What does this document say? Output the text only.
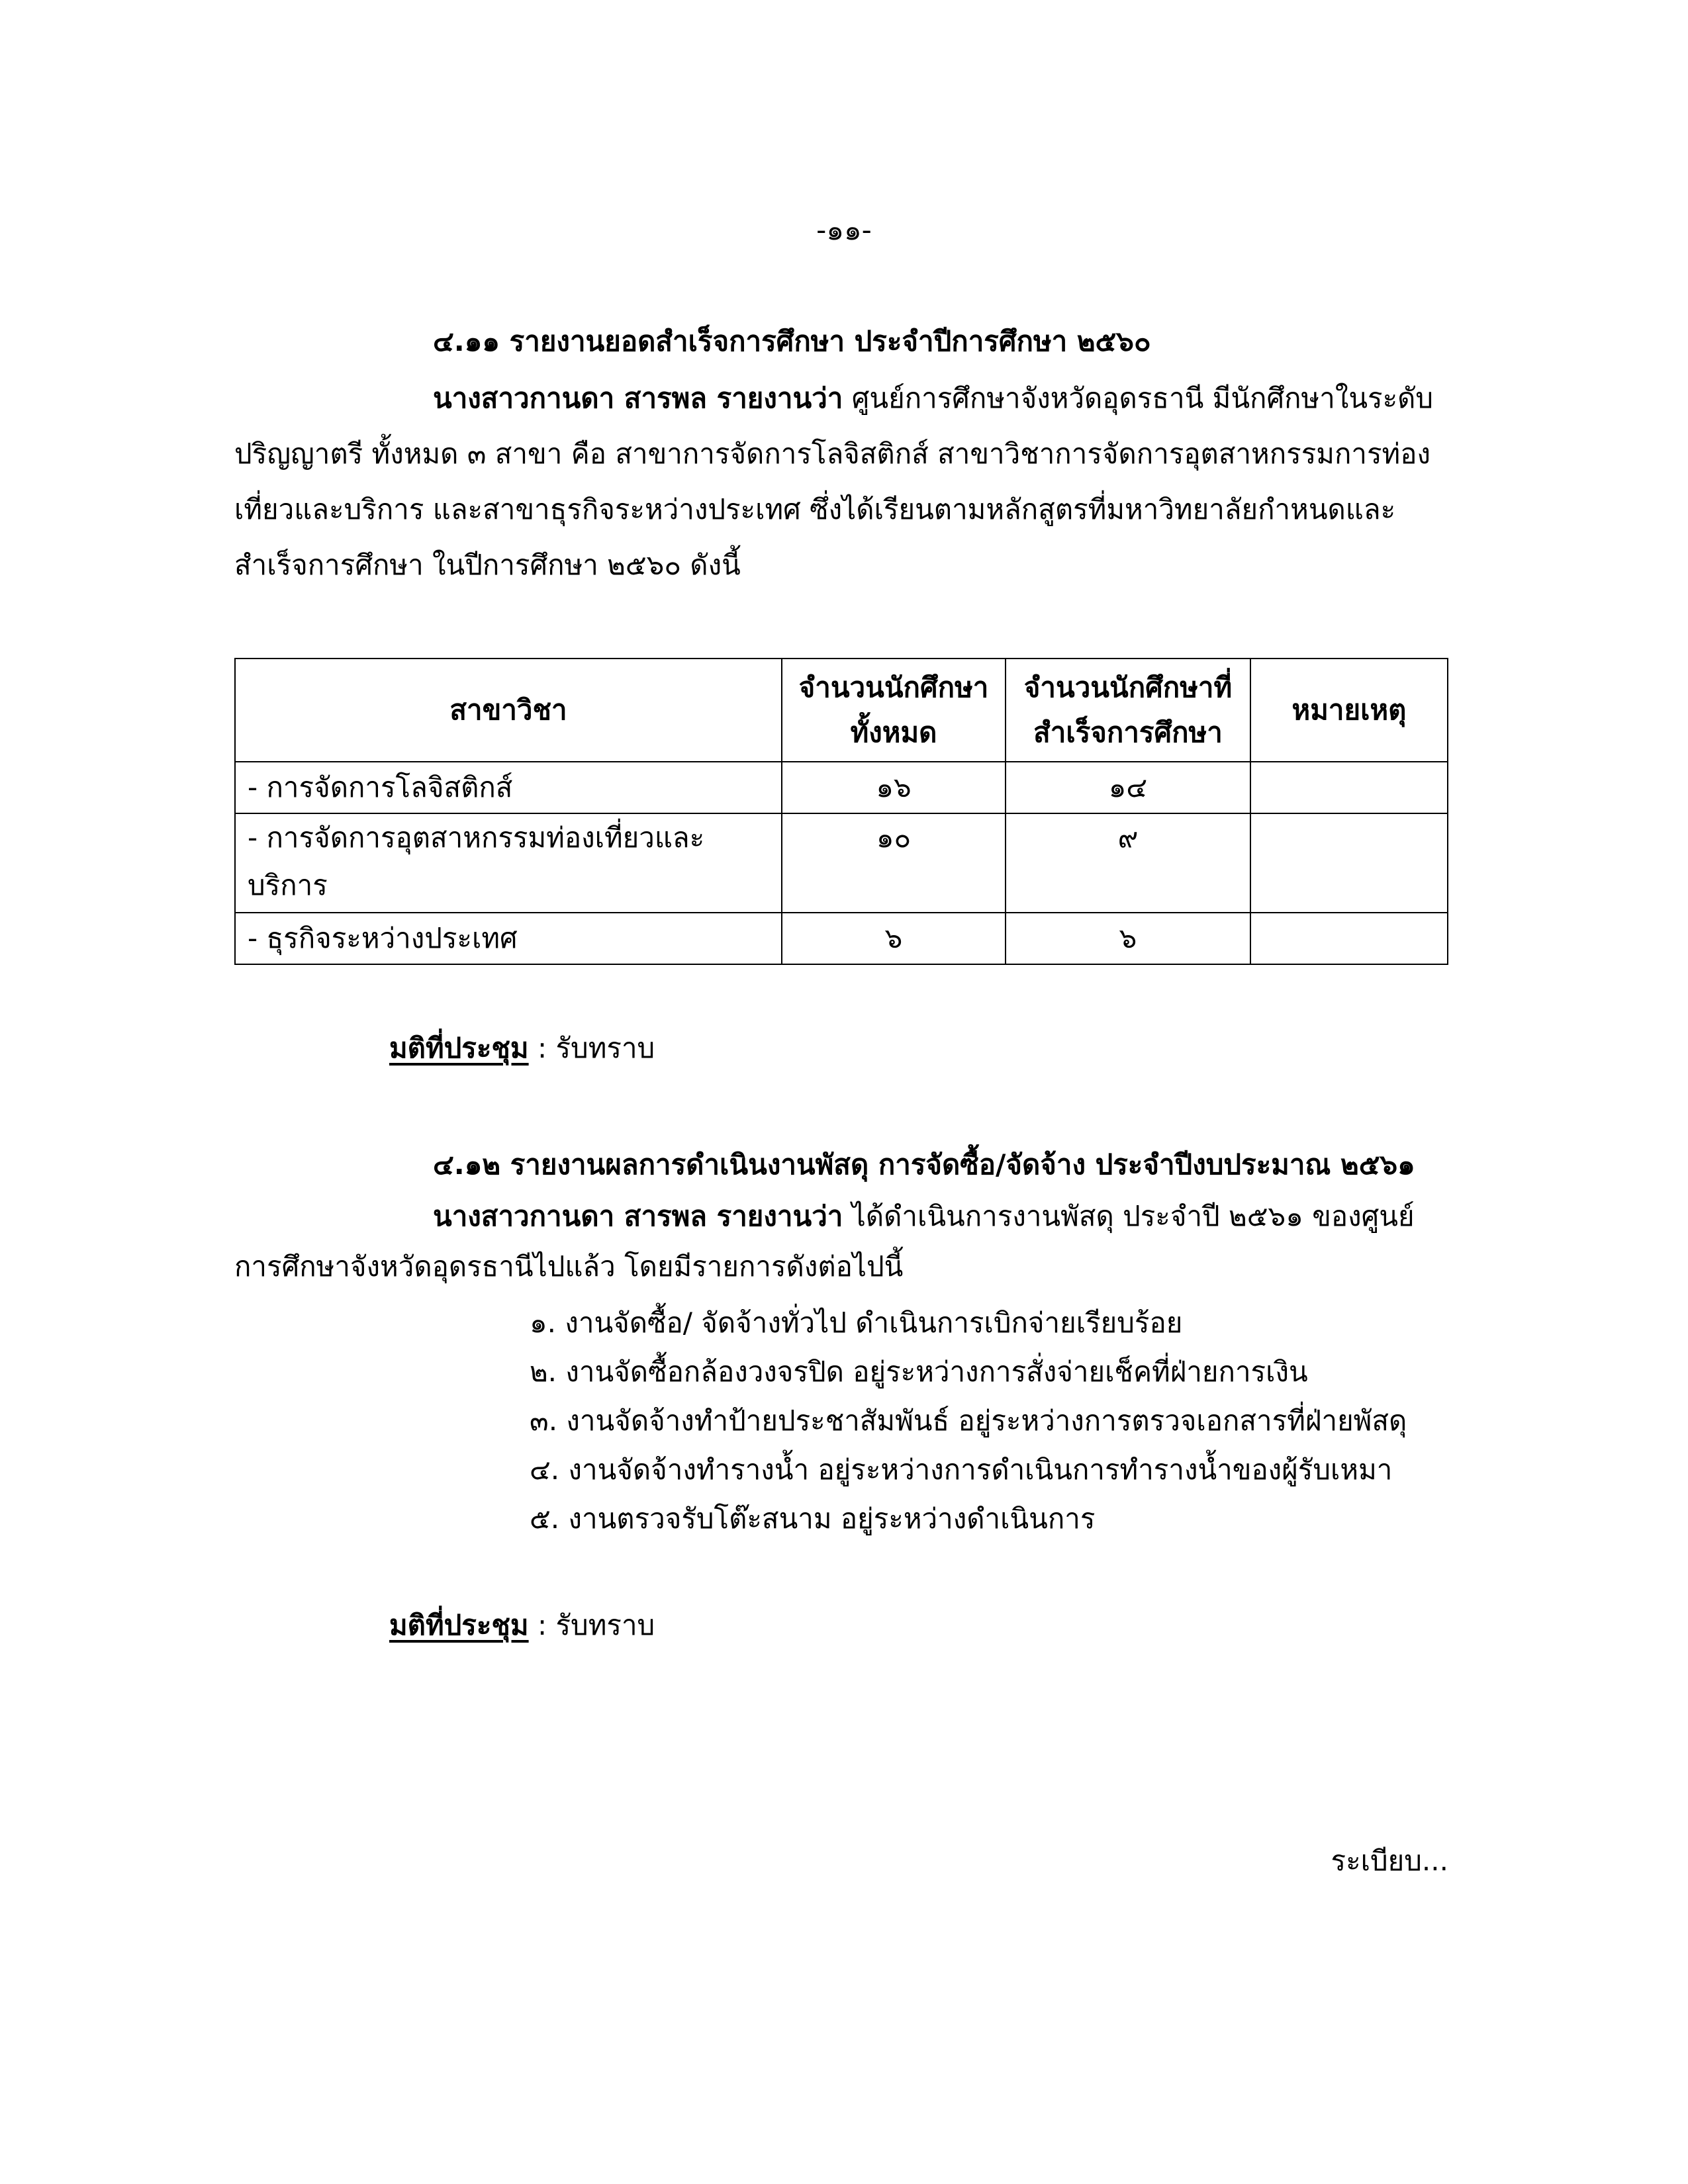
-๑๑-
๔.๑๑ รายงานยอดสำเร็จการศึกษา ประจำปีการศึกษา ๒๕๖๐
นางสาวกานดา สารพล รายงานว่า ศูนย์การศึกษาจังหวัดอุดรธานี มีนักศึกษาในระดับปริญญาตรี ทั้งหมด ๓ สาขา คือ สาขาการจัดการโลจิสติกส์ สาขาวิชาการจัดการอุตสาหกรรมการท่องเที่ยวและบริการ และสาขาธุรกิจระหว่างประเทศ ซึ่งได้เรียนตามหลักสูตรที่มหาวิทยาลัยกำหนดและสำเร็จการศึกษา ในปีการศึกษา ๒๕๖๐ ดังนี้
สาขาวิชา	จำนวนนักศึกษาทั้งหมด	จำนวนนักศึกษาที่สำเร็จการศึกษา	หมายเหตุ
- การจัดการโลจิสติกส์	๑๖	๑๔	
- การจัดการอุตสาหกรรมท่องเที่ยวและบริการ	๑๐	๙	
- ธุรกิจระหว่างประเทศ	๖	๖	
มติที่ประชุม : รับทราบ
๔.๑๒ รายงานผลการดำเนินงานพัสดุ การจัดซื้อ/จัดจ้าง ประจำปีงบประมาณ ๒๕๖๑
นางสาวกานดา สารพล รายงานว่า ได้ดำเนินการงานพัสดุ ประจำปี ๒๕๖๑ ของศูนย์การศึกษาจังหวัดอุดรธานีไปแล้ว โดยมีรายการดังต่อไปนี้
๑. งานจัดซื้อ/ จัดจ้างทั่วไป ดำเนินการเบิกจ่ายเรียบร้อย
๒. งานจัดซื้อกล้องวงจรปิด อยู่ระหว่างการสั่งจ่ายเช็คที่ฝ่ายการเงิน
๓. งานจัดจ้างทำป้ายประชาสัมพันธ์ อยู่ระหว่างการตรวจเอกสารที่ฝ่ายพัสดุ
๔. งานจัดจ้างทำรางน้ำ อยู่ระหว่างการดำเนินการทำรางน้ำของผู้รับเหมา
๕. งานตรวจรับโต๊ะสนาม อยู่ระหว่างดำเนินการ
มติที่ประชุม : รับทราบ
ระเบียบ...
